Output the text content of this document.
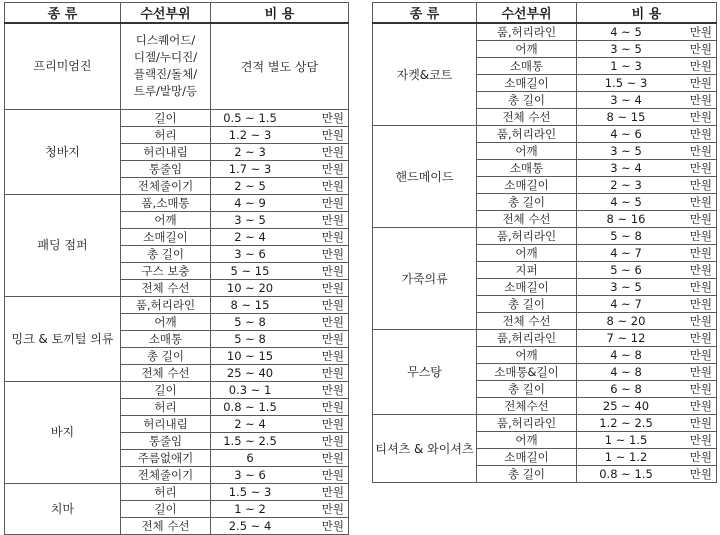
종 류	수선부위	비 용
프리미엄진	디스퀘어드/
디젤/누디진/
플랙진/돌체/
트루/발망/등	견적 별도 상담
청바지	길이	0.5 ~ 1.5 만원

	허리	1.2 ~ 3 만원

	허리내림	2 ~ 3 만원

	통줄임	1.7 ~ 3 만원

	전체줄이기	2 ~ 5 만원

패딩 점퍼	품,소매통	4 ~ 9 만원

	어깨	3 ~ 5 만원

	소매길이	2 ~ 4 만원

	총 길이	3 ~ 6 만원

	구스 보충	5 ~ 15 만원

	전체 수선	10 ~ 20 만원

밍크 & 토끼털 의류	품,허리라인	8 ~ 15 만원

	어깨	5 ~ 8 만원

	소매통	5 ~ 8 만원

	총 길이	10 ~ 15 만원

	전체 수선	25 ~ 40 만원

바지	길이	0.3 ~ 1 만원

	허리	0.8 ~ 1.5 만원

	허리내림	2 ~ 4 만원

	통줄임	1.5 ~ 2.5 만원

	주름없애기	6 만원

	전체줄이기	3 ~ 6 만원

치마	허리	1.5 ~ 3 만원

	길이	1 ~ 2 만원

	전체 수선	2.5 ~ 4 만원
종 류	수선부위	비 용
자켓&코트	품,허리라인	4 ~ 5 만원

	어깨	3 ~ 5 만원

	소매통	1 ~ 3 만원

	소매길이	1.5 ~ 3 만원

	총 길이	3 ~ 4 만원

	전체 수선	8 ~ 15 만원

핸드메이드	품,허리라인	4 ~ 6 만원

	어깨	3 ~ 5 만원

	소매통	3 ~ 4 만원

	소매길이	2 ~ 3 만원

	총 길이	4 ~ 5 만원

	전체 수선	8 ~ 16 만원

가죽의류	품,허리라인	5 ~ 8 만원

	어깨	4 ~ 7 만원

	지퍼	5 ~ 6 만원

	소매길이	3 ~ 5 만원

	총 길이	4 ~ 7 만원

	전체 수선	8 ~ 20 만원

무스탕	품,허리라인	7 ~ 12 만원

	어깨	4 ~ 8 만원

	소매통&길이	4 ~ 8 만원

	총 길이	6 ~ 8 만원

	전체수선	25 ~ 40 만원

티셔츠 & 와이셔츠	품,허리라인	1.2 ~ 2.5 만원

	어깨	1 ~ 1.5 만원

	소매길이	1 ~ 1.2 만원

	총 길이	0.8 ~ 1.5 만원
